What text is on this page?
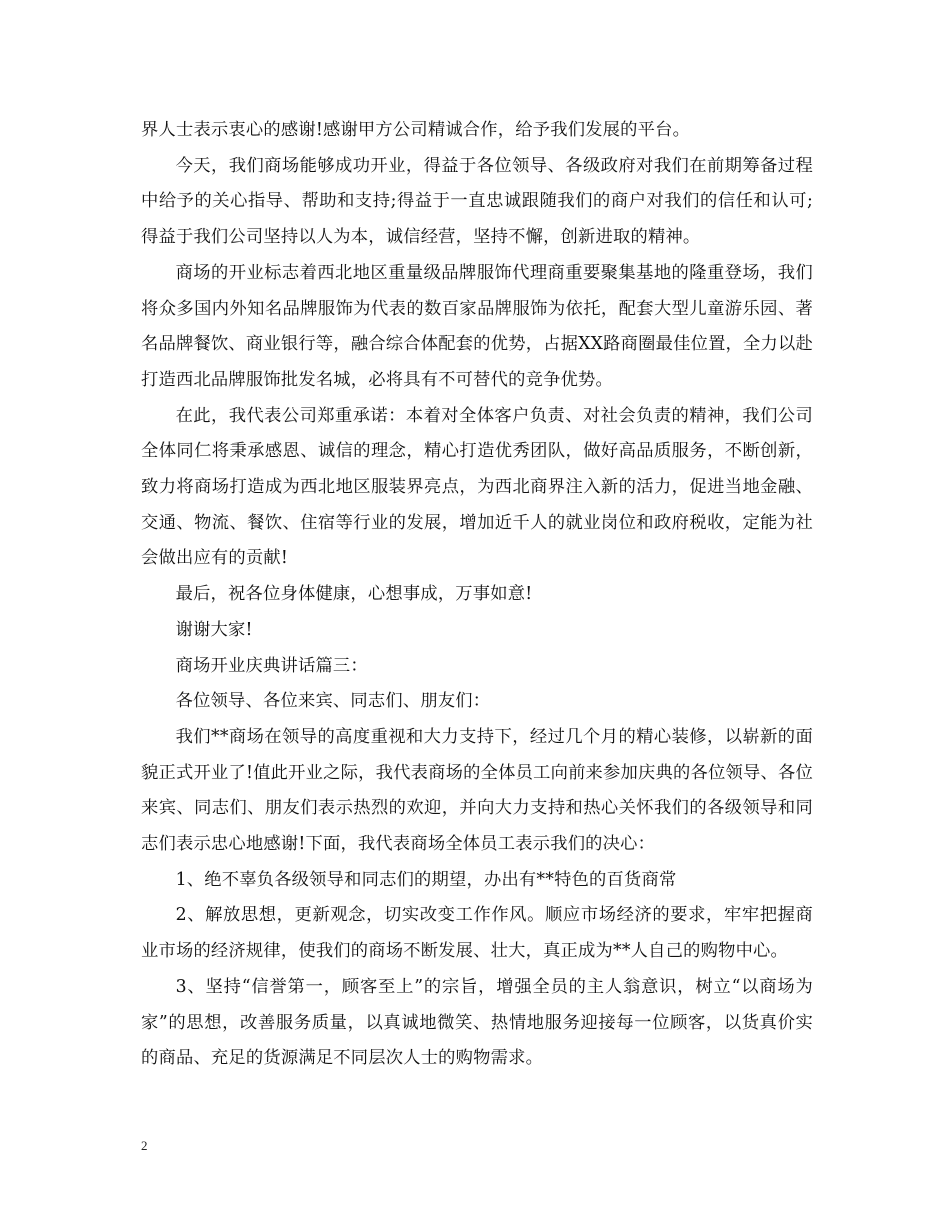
界人士表示衷心的感谢!感谢甲方公司精诚合作，给予我们发展的平台。

今天，我们商场能够成功开业，得益于各位领导、各级政府对我们在前期筹备过程中给予的关心指导、帮助和支持;得益于一直忠诚跟随我们的商户对我们的信任和认可;得益于我们公司坚持以人为本，诚信经营，坚持不懈，创新进取的精神。

商场的开业标志着西北地区重量级品牌服饰代理商重要聚集基地的隆重登场，我们将众多国内外知名品牌服饰为代表的数百家品牌服饰为依托，配套大型儿童游乐园、著名品牌餐饮、商业银行等，融合综合体配套的优势，占据XX路商圈最佳位置，全力以赴打造西北品牌服饰批发名城，必将具有不可替代的竞争优势。

在此，我代表公司郑重承诺：本着对全体客户负责、对社会负责的精神，我们公司全体同仁将秉承感恩、诚信的理念，精心打造优秀团队，做好高品质服务，不断创新，致力将商场打造成为西北地区服装界亮点，为西北商界注入新的活力，促进当地金融、交通、物流、餐饮、住宿等行业的发展，增加近千人的就业岗位和政府税收，定能为社会做出应有的贡献!

最后，祝各位身体健康，心想事成，万事如意!

谢谢大家!

商场开业庆典讲话篇三：

各位领导、各位来宾、同志们、朋友们：

我们**商场在领导的高度重视和大力支持下，经过几个月的精心装修，以崭新的面貌正式开业了!值此开业之际，我代表商场的全体员工向前来参加庆典的各位领导、各位来宾、同志们、朋友们表示热烈的欢迎，并向大力支持和热心关怀我们的各级领导和同志们表示忠心地感谢!下面，我代表商场全体员工表示我们的决心：

1、绝不辜负各级领导和同志们的期望，办出有**特色的百货商常

2、解放思想，更新观念，切实改变工作作风。顺应市场经济的要求，牢牢把握商业市场的经济规律，使我们的商场不断发展、壮大，真正成为**人自己的购物中心。

3、坚持“信誉第一，顾客至上”的宗旨，增强全员的主人翁意识，树立“以商场为家”的思想，改善服务质量，以真诚地微笑、热情地服务迎接每一位顾客，以货真价实的商品、充足的货源满足不同层次人士的购物需求。

2
